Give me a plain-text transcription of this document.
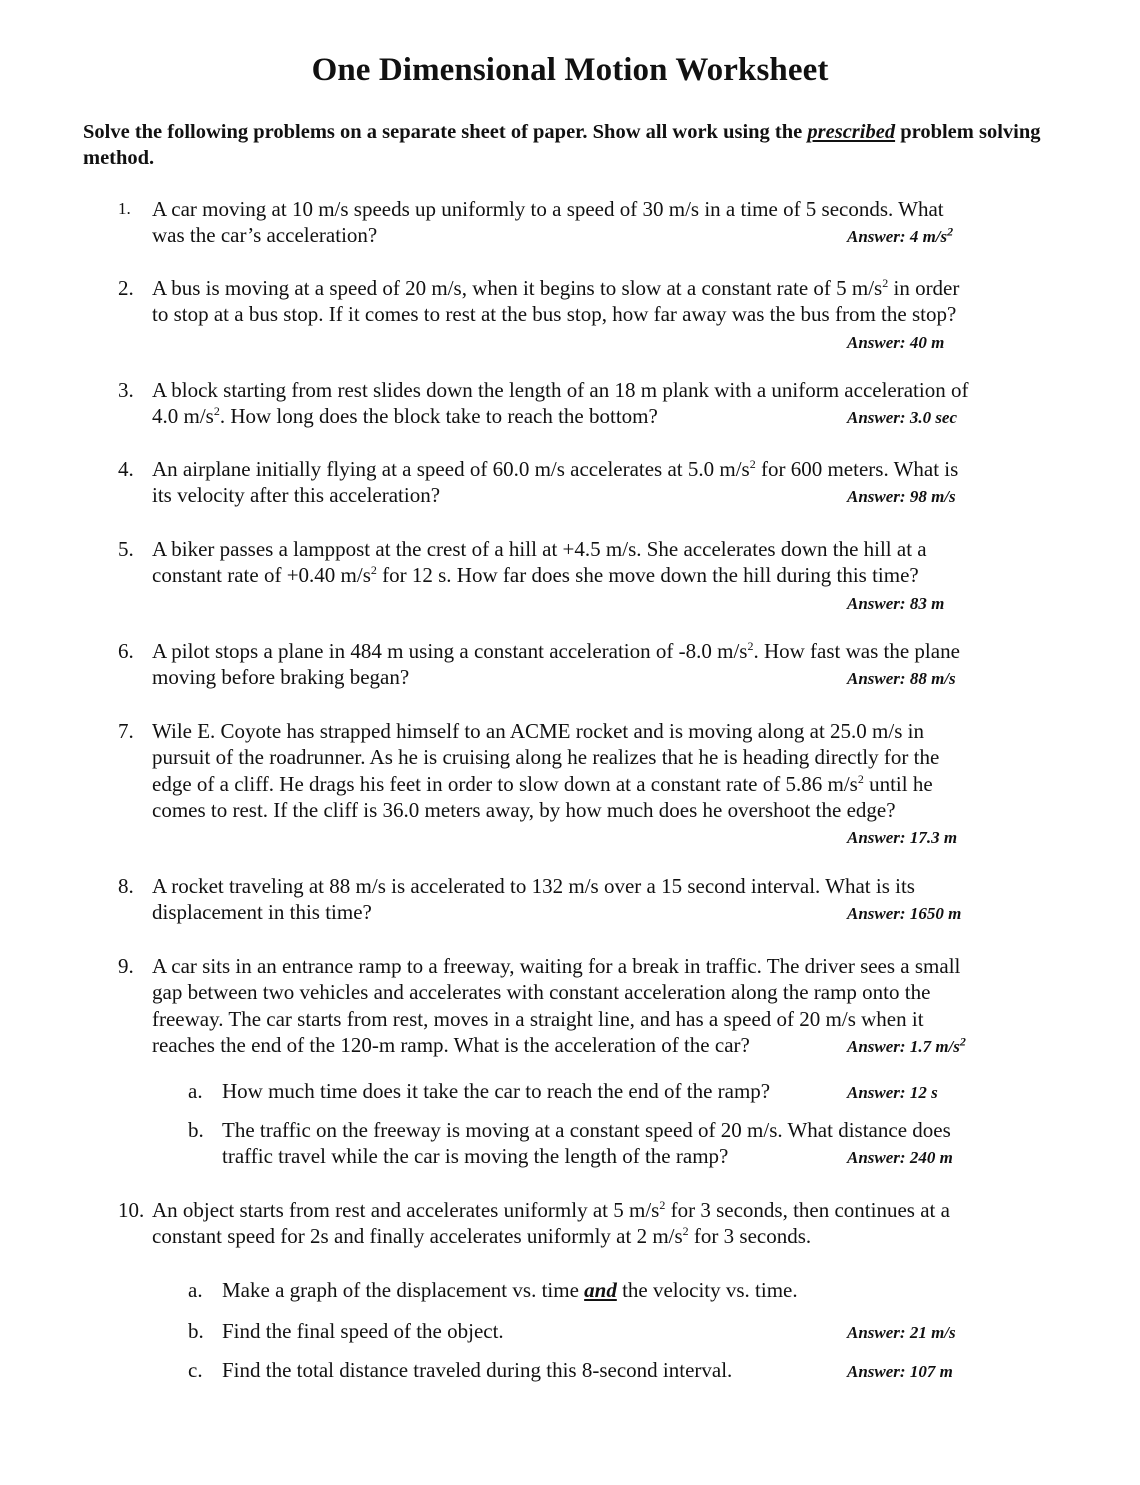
One Dimensional Motion Worksheet
Solve the following problems on a separate sheet of paper. Show all work using the prescribed problem solving method.
1. A car moving at 10 m/s speeds up uniformly to a speed of 30 m/s in a time of 5 seconds. What
was the car’s acceleration?	Answer: 4 $m/s^2$
2. A bus is moving at a speed of 20 m/s, when it begins to slow at a constant rate of 5 $m/s^2$ in order
to stop at a bus stop. If it comes to rest at the bus stop, how far away was the bus from the stop?
Answer: 40 m
3. A block starting from rest slides down the length of an 18 m plank with a uniform acceleration of
4.0 $m/s^2$. How long does the block take to reach the bottom?	Answer: 3.0 sec
4. An airplane initially flying at a speed of 60.0 m/s accelerates at 5.0 $m/s^2$ for 600 meters. What is
its velocity after this acceleration?	Answer: 98 m/s
5. A biker passes a lamppost at the crest of a hill at +4.5 m/s. She accelerates down the hill at a
constant rate of +0.40 $m/s^2$ for 12 s. How far does she move down the hill during this time?
Answer: 83 m
6. A pilot stops a plane in 484 m using a constant acceleration of -8.0 $m/s^2$. How fast was the plane
moving before braking began?	Answer: 88 m/s
7. Wile E. Coyote has strapped himself to an ACME rocket and is moving along at 25.0 m/s in
pursuit of the roadrunner. As he is cruising along he realizes that he is heading directly for the
edge of a cliff. He drags his feet in order to slow down at a constant rate of 5.86 $m/s^2$ until he
comes to rest. If the cliff is 36.0 meters away, by how much does he overshoot the edge?
Answer: 17.3 m
8. A rocket traveling at 88 m/s is accelerated to 132 m/s over a 15 second interval. What is its
displacement in this time?	Answer: 1650 m
9. A car sits in an entrance ramp to a freeway, waiting for a break in traffic. The driver sees a small
gap between two vehicles and accelerates with constant acceleration along the ramp onto the
freeway. The car starts from rest, moves in a straight line, and has a speed of 20 m/s when it
reaches the end of the 120-m ramp. What is the acceleration of the car?	Answer: 1.7 $m/s^2$
a. How much time does it take the car to reach the end of the ramp?	Answer: 12 s
b. The traffic on the freeway is moving at a constant speed of 20 m/s. What distance does
traffic travel while the car is moving the length of the ramp?	Answer: 240 m
10. An object starts from rest and accelerates uniformly at 5 $m/s^2$ for 3 seconds, then continues at a
constant speed for 2s and finally accelerates uniformly at 2 $m/s^2$ for 3 seconds.
a. Make a graph of the displacement vs. time and the velocity vs. time.
b. Find the final speed of the object.	Answer: 21 m/s
c. Find the total distance traveled during this 8-second interval.	Answer: 107 m
